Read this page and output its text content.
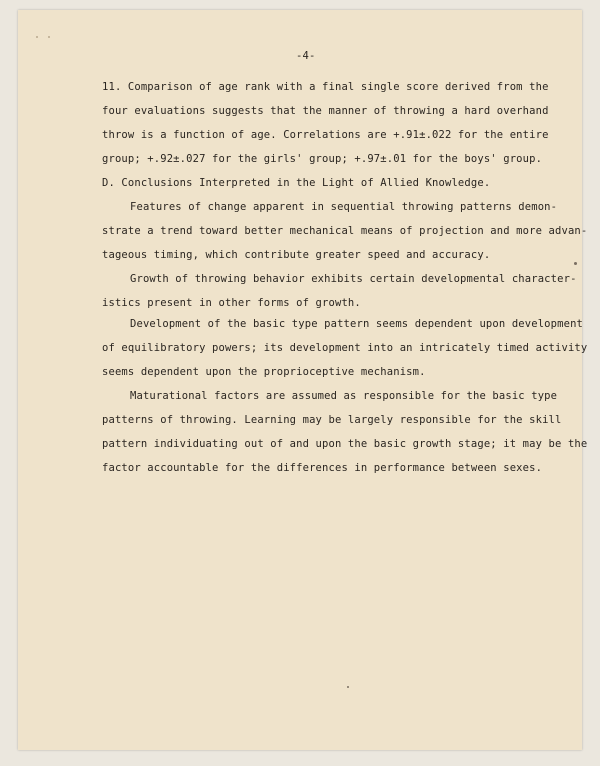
-4-
11. Comparison of age rank with a final single score derived from the
four evaluations suggests that the manner of throwing a hard overhand
throw is a function of age. Correlations are +.91±.022 for the entire
group; +.92±.027 for the girls' group; +.97±.01 for the boys' group.
D. Conclusions Interpreted in the Light of Allied Knowledge.
Features of change apparent in sequential throwing patterns demon-
strate a trend toward better mechanical means of projection and more advan-
tageous timing, which contribute greater speed and accuracy.
Growth of throwing behavior exhibits certain developmental character-
istics present in other forms of growth.
Development of the basic type pattern seems dependent upon development
of equilibratory powers; its development into an intricately timed activity
seems dependent upon the proprioceptive mechanism.
Maturational factors are assumed as responsible for the basic type
patterns of throwing. Learning may be largely responsible for the skill
pattern individuating out of and upon the basic growth stage; it may be the
factor accountable for the differences in performance between sexes.
